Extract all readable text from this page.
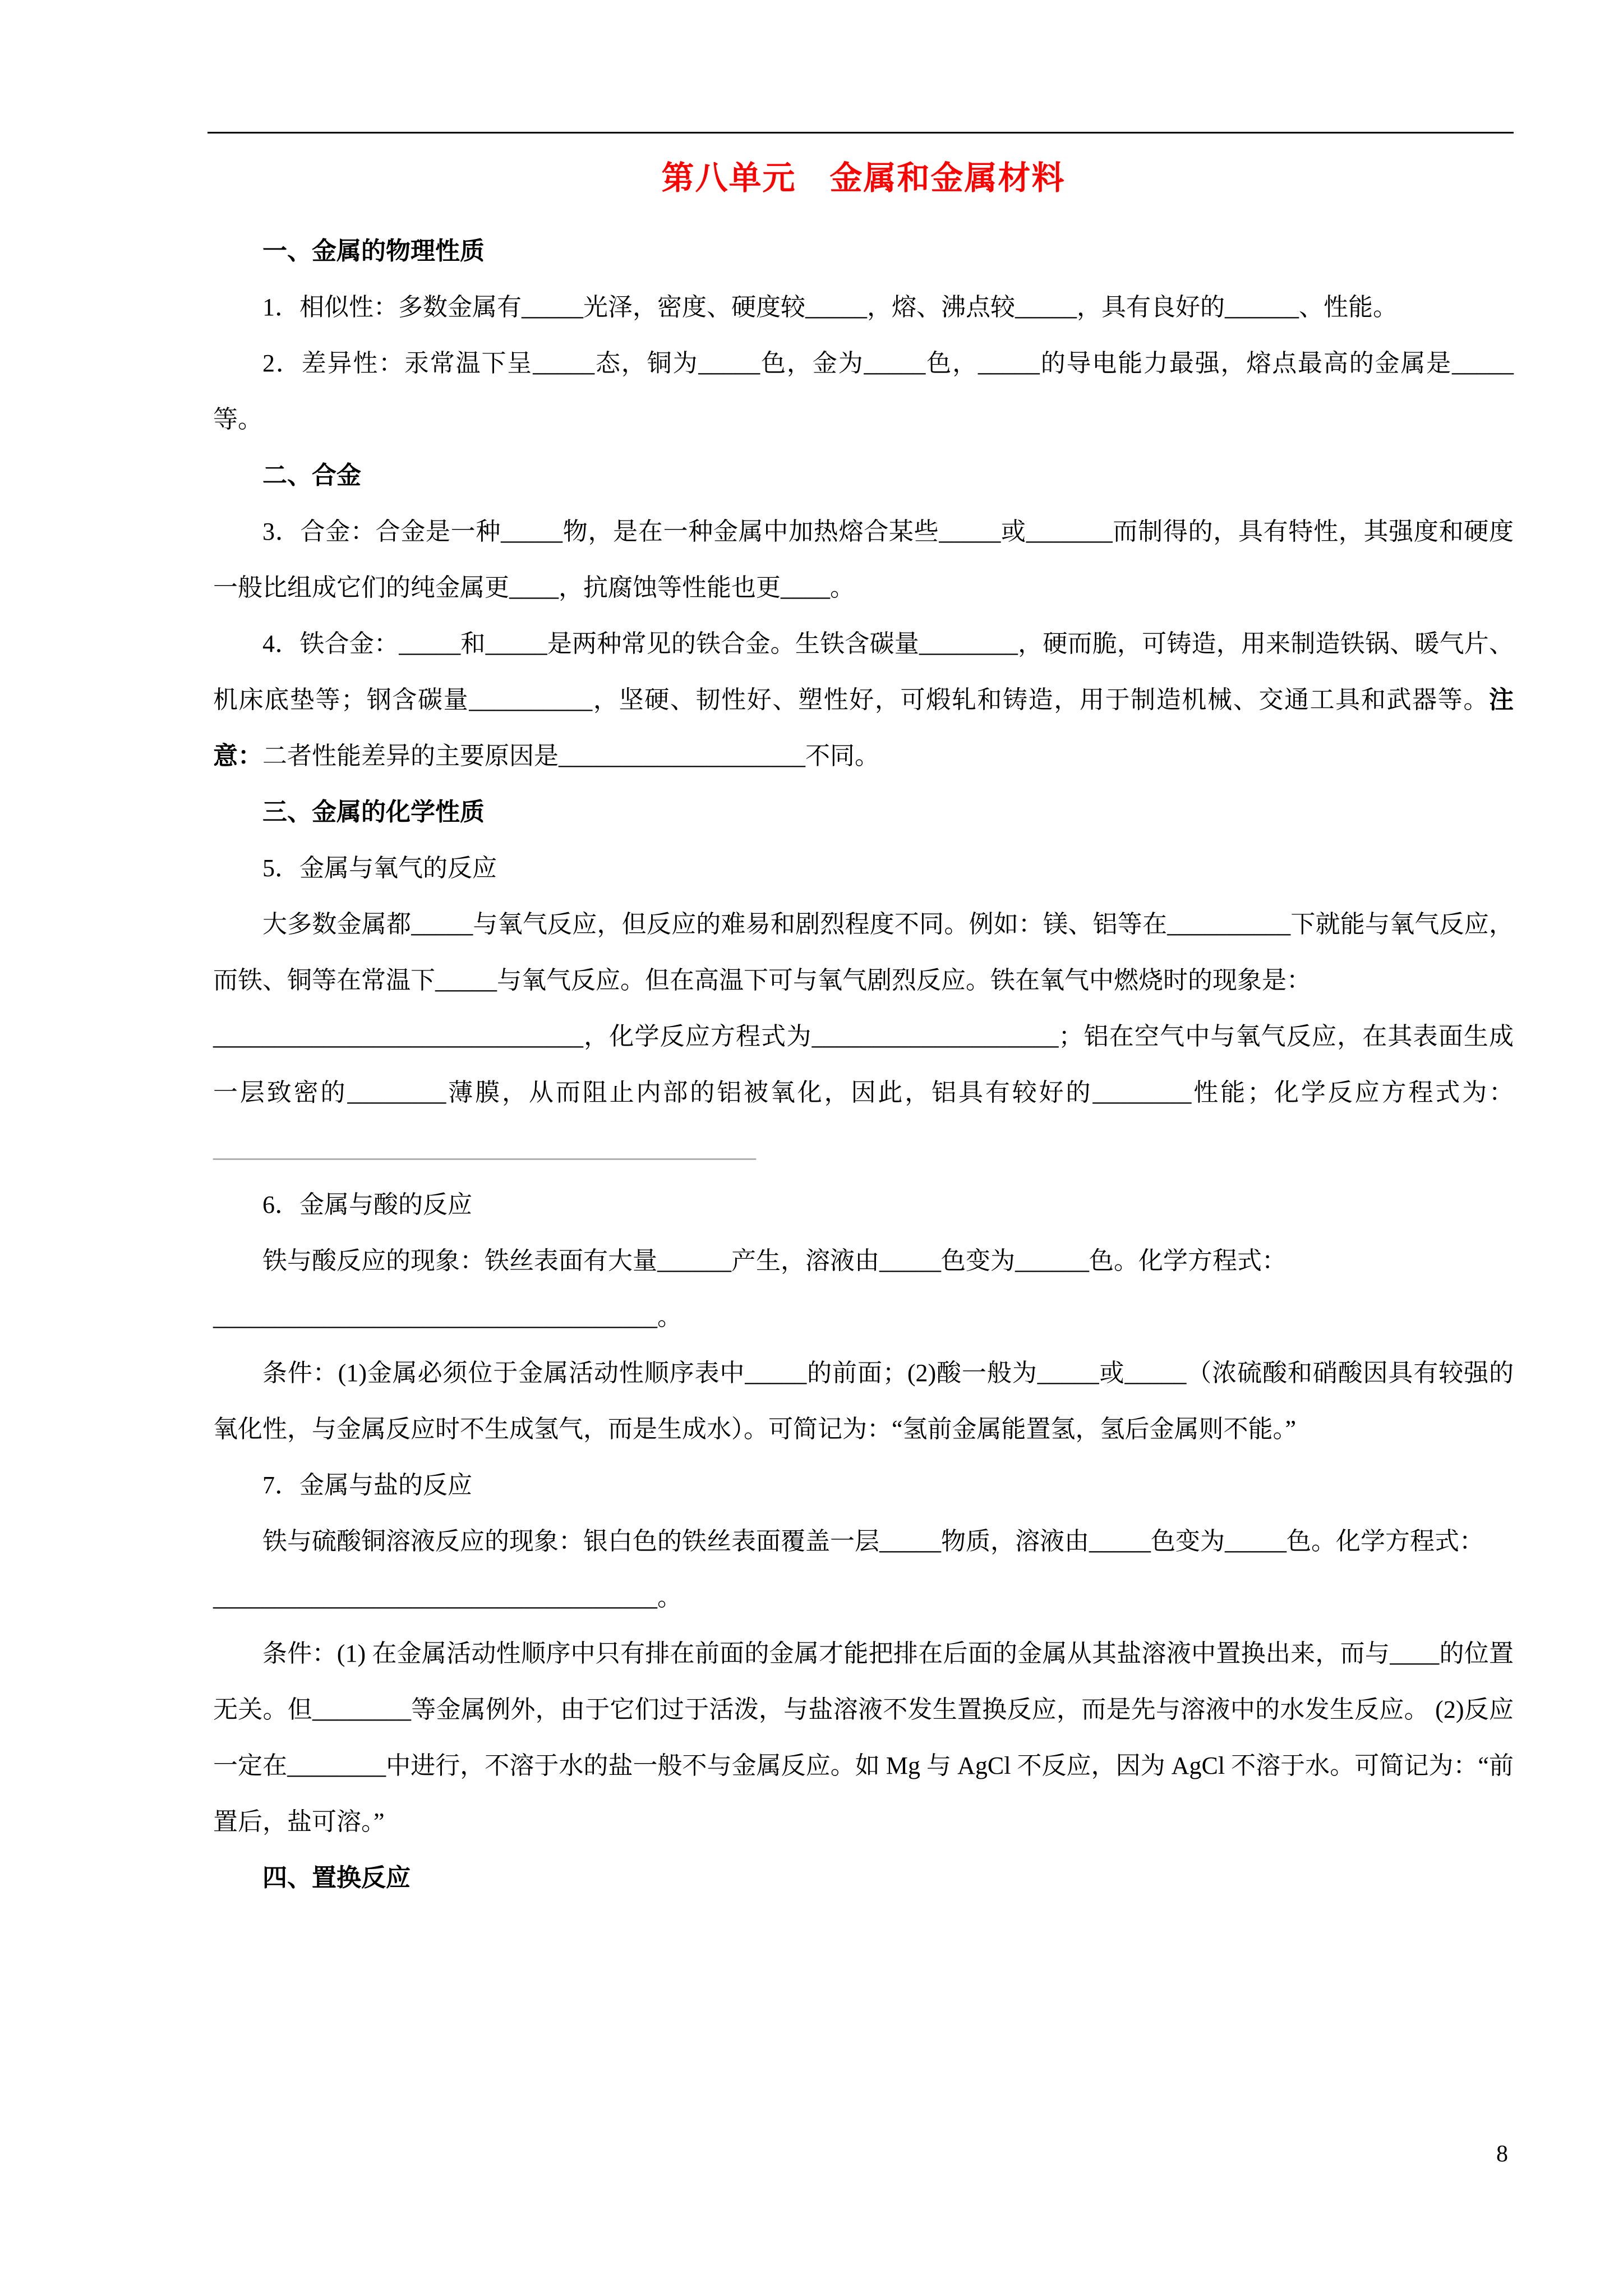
第八单元　金属和金属材料

一、金属的物理性质

1．相似性：多数金属有_____光泽，密度、硬度较_____，熔、沸点较_____，具有良好的______、性能。

2．差异性：汞常温下呈_____态，铜为_____色，金为_____色，_____的导电能力最强，熔点最高的金属是_____等。

二、合金

3．合金：合金是一种_____物，是在一种金属中加热熔合某些_____或_______而制得的，具有特性，其强度和硬度一般比组成它们的纯金属更____，抗腐蚀等性能也更____。

4．铁合金：_____和_____是两种常见的铁合金。生铁含碳量________，硬而脆，可铸造，用来制造铁锅、暖气片、机床底垫等；钢含碳量__________，坚硬、韧性好、塑性好，可煅轧和铸造，用于制造机械、交通工具和武器等。注意：二者性能差异的主要原因是____________________不同。

三、金属的化学性质

5．金属与氧气的反应

大多数金属都_____与氧气反应，但反应的难易和剧烈程度不同。例如：镁、铝等在__________下就能与氧气反应，而铁、铜等在常温下_____与氧气反应。但在高温下可与氧气剧烈反应。铁在氧气中燃烧时的现象是：

______________________________，化学反应方程式为____________________；铝在空气中与氧气反应，在其表面生成一层致密的________薄膜，从而阻止内部的铝被氧化，因此，铝具有较好的________性能；化学反应方程式为：____________________________________________

6．金属与酸的反应

铁与酸反应的现象：铁丝表面有大量______产生，溶液由_____色变为______色。化学方程式：

____________________________________。

条件：(1)金属必须位于金属活动性顺序表中_____的前面；(2)酸一般为_____或_____（浓硫酸和硝酸因具有较强的氧化性，与金属反应时不生成氢气，而是生成水）。可简记为：“氢前金属能置氢，氢后金属则不能。”

7．金属与盐的反应

铁与硫酸铜溶液反应的现象：银白色的铁丝表面覆盖一层_____物质，溶液由_____色变为_____色。化学方程式：

____________________________________。

条件：(1) 在金属活动性顺序中只有排在前面的金属才能把排在后面的金属从其盐溶液中置换出来，而与____的位置无关。但________等金属例外，由于它们过于活泼，与盐溶液不发生置换反应，而是先与溶液中的水发生反应。 (2)反应一定在________中进行，不溶于水的盐一般不与金属反应。如 Mg 与 AgCl 不反应，因为 AgCl 不溶于水。可简记为：“前置后，盐可溶。”

四、置换反应

8
